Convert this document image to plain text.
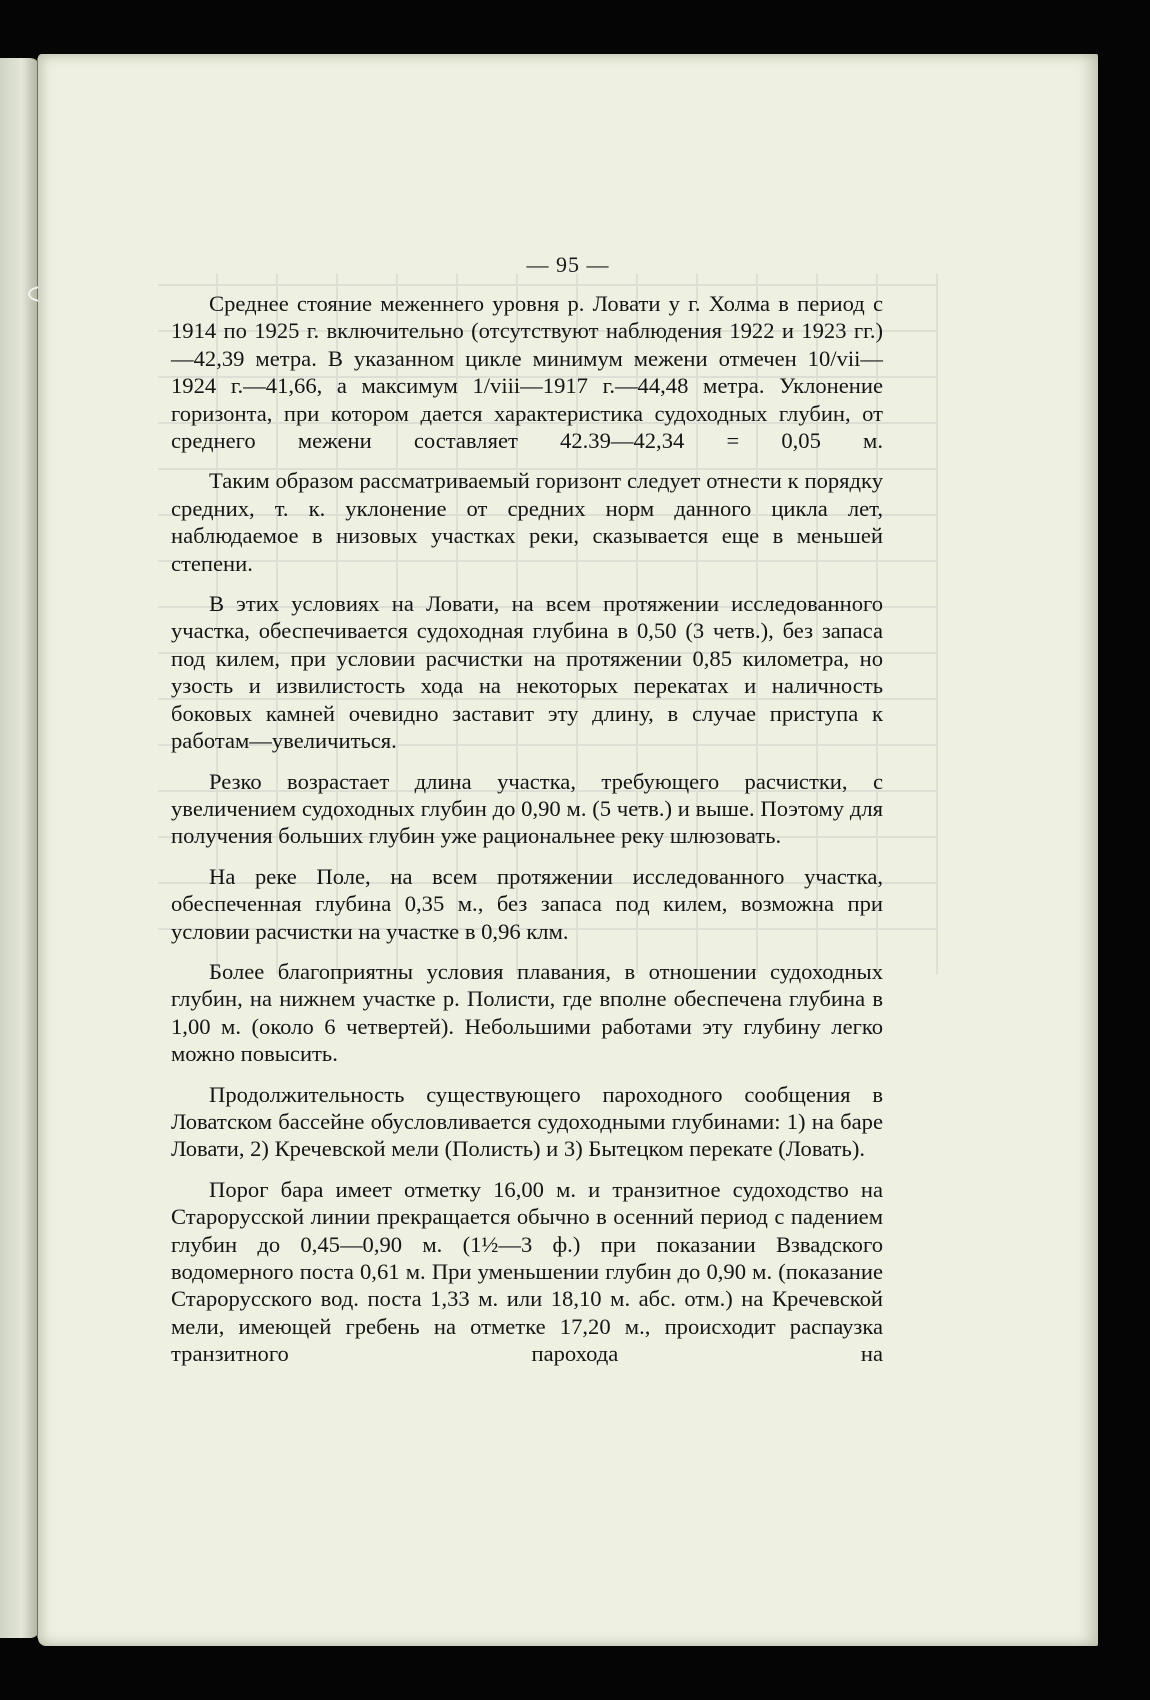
— 95 —

Среднее стояние меженнего уровня р. Ловати у г. Холма в период с 1914 по 1925 г. включительно (отсутствуют наблюдения 1922 и 1923 гг.)—42,39 метра. В указанном цикле минимум межени отмечен 10/vii—1924 г.—41,66, а максимум 1/viii—1917 г.—44,48 метра. Уклонение горизонта, при котором дается характеристика судоходных глубин, от среднего межени составляет 42.39—42,34 = 0,05 м.

Таким образом рассматриваемый горизонт следует отнести к порядку средних, т. к. уклонение от средних норм данного цикла лет, наблюдаемое в низовых участках реки, сказывается еще в меньшей степени.

В этих условиях на Ловати, на всем протяжении исследованного участка, обеспечивается судоходная глубина в 0,50 (3 четв.), без запаса под килем, при условии расчистки на протяжении 0,85 километра, но узость и извилистость хода на некоторых перекатах и наличность боковых камней очевидно заставит эту длину, в случае приступа к работам—увеличиться.

Резко возрастает длина участка, требующего расчистки, с увеличением судоходных глубин до 0,90 м. (5 четв.) и выше. Поэтому для получения больших глубин уже рациональнее реку шлюзовать.

На реке Поле, на всем протяжении исследованного участка, обеспеченная глубина 0,35 м., без запаса под килем, возможна при условии расчистки на участке в 0,96 клм.

Более благоприятны условия плавания, в отношении судоходных глубин, на нижнем участке р. Полисти, где вполне обеспечена глубина в 1,00 м. (около 6 четвертей). Небольшими работами эту глубину легко можно повысить.

Продолжительность существующего пароходного сообщения в Ловатском бассейне обусловливается судоходными глубинами: 1) на баре Ловати, 2) Кречевской мели (Полисть) и 3) Бытецком перекате (Ловать).

Порог бара имеет отметку 16,00 м. и транзитное судоходство на Старорусской линии прекращается обычно в осенний период с падением глубин до 0,45—0,90 м. (1½—3 ф.) при показании Взвадского водомерного поста 0,61 м. При уменьшении глубин до 0,90 м. (показание Старорусского вод. поста 1,33 м. или 18,10 м. абс. отм.) на Кречевской мели, имеющей гребень на отметке 17,20 м., происходит распаузка транзитного парохода на
